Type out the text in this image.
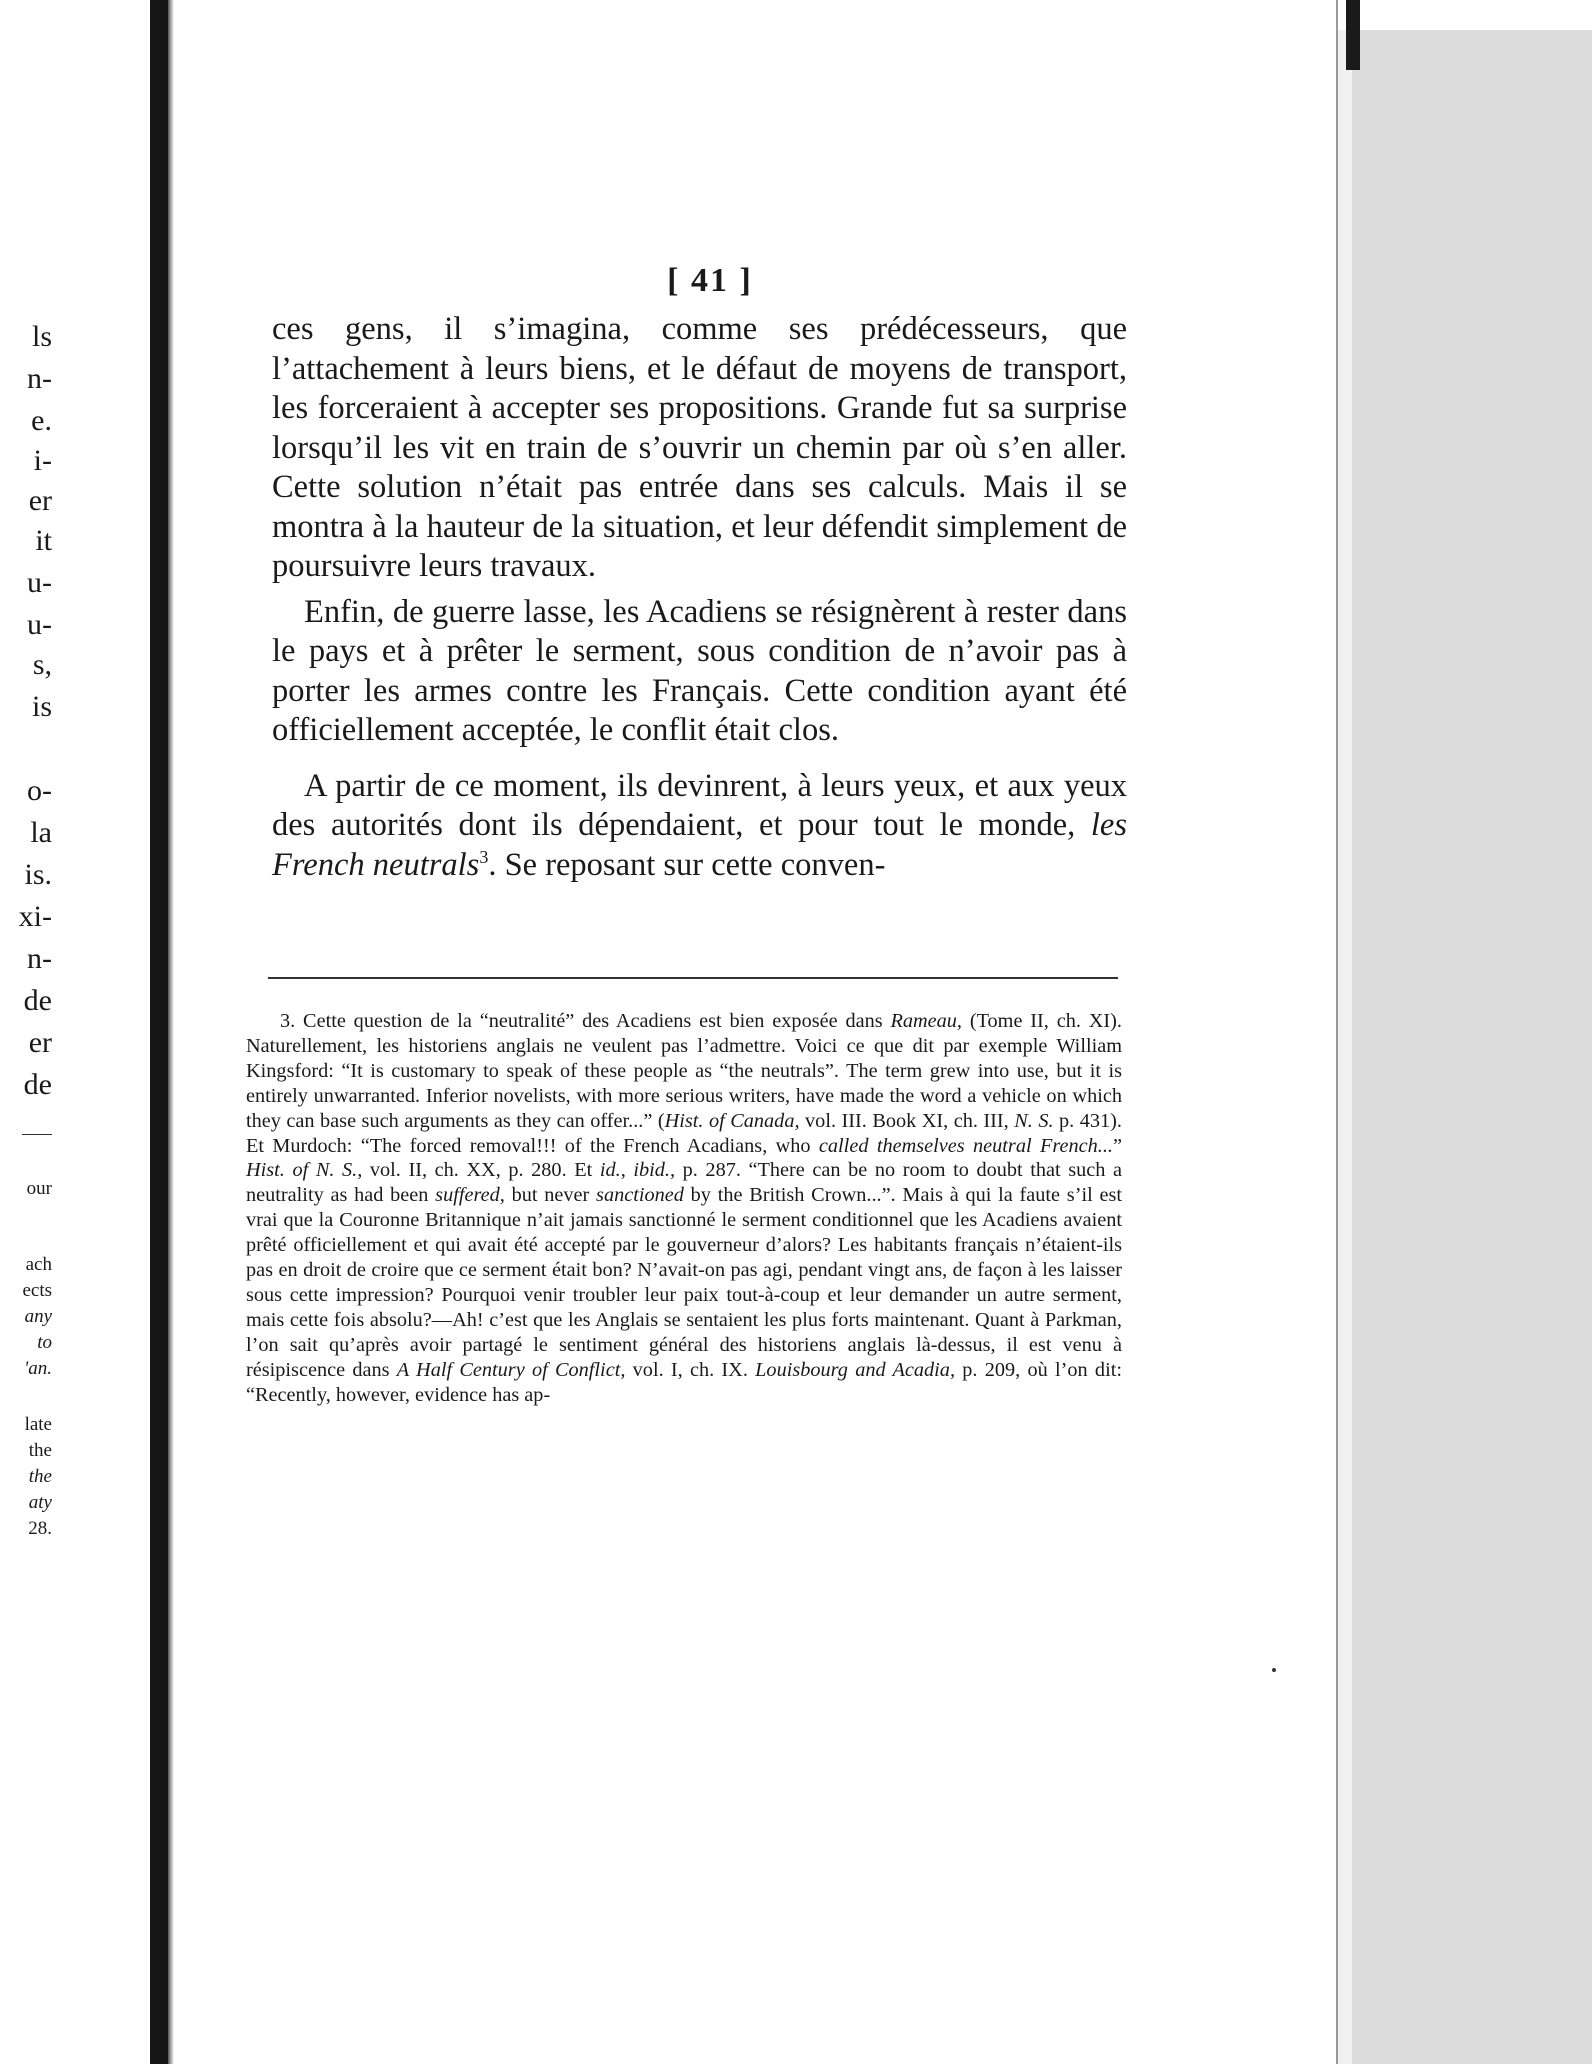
ls
n-
e.
i-
er
it
u-
u-
s,
is
o-
la
is.
xi-
n-
de
er
de
our
ach
ects
any
to
'an.
late
the
the
aty
28.
[ 41 ]

ces gens, il s’imagina, comme ses prédécesseurs, que l’attachement à leurs biens, et le défaut de moyens de transport, les forceraient à accepter ses propositions. Grande fut sa surprise lorsqu’il les vit en train de s’ouvrir un chemin par où s’en aller. Cette solution n’était pas entrée dans ses calculs. Mais il se montra à la hauteur de la situation, et leur défendit simplement de poursuivre leurs travaux.

Enfin, de guerre lasse, les Acadiens se résignèrent à rester dans le pays et à prêter le serment, sous condition de n’avoir pas à porter les armes contre les Français. Cette condition ayant été officiellement acceptée, le conflit était clos.

A partir de ce moment, ils devinrent, à leurs yeux, et aux yeux des autorités dont ils dépendaient, et pour tout le monde, les French neutrals$^3$. Se reposant sur cette conven-

3. Cette question de la “neutralité” des Acadiens est bien exposée dans Rameau, (Tome II, ch. XI). Naturellement, les historiens anglais ne veulent pas l’admettre. Voici ce que dit par exemple William Kingsford: “It is customary to speak of these people as “the neutrals”. The term grew into use, but it is entirely unwarranted. Inferior novelists, with more serious writers, have made the word a vehicle on which they can base such arguments as they can offer...” (Hist. of Canada, vol. III. Book XI, ch. III, N. S. p. 431). Et Murdoch: “The forced removal!!! of the French Acadians, who called themselves neutral French...” Hist. of N. S., vol. II, ch. XX, p. 280. Et id., ibid., p. 287. “There can be no room to doubt that such a neutrality as had been suffered, but never sanctioned by the British Crown...”. Mais à qui la faute s’il est vrai que la Couronne Britannique n’ait jamais sanctionné le serment conditionnel que les Acadiens avaient prêté officiellement et qui avait été accepté par le gouverneur d’alors? Les habitants français n’étaient-ils pas en droit de croire que ce serment était bon? N’avait-on pas agi, pendant vingt ans, de façon à les laisser sous cette impression? Pourquoi venir troubler leur paix tout-à-coup et leur demander un autre serment, mais cette fois absolu?—Ah! c’est que les Anglais se sentaient les plus forts maintenant. Quant à Parkman, l’on sait qu’après avoir partagé le sentiment général des historiens anglais là-dessus, il est venu à résipiscence dans A Half Century of Conflict, vol. I, ch. IX. Louisbourg and Acadia, p. 209, où l’on dit: “Recently, however, evidence has ap-
